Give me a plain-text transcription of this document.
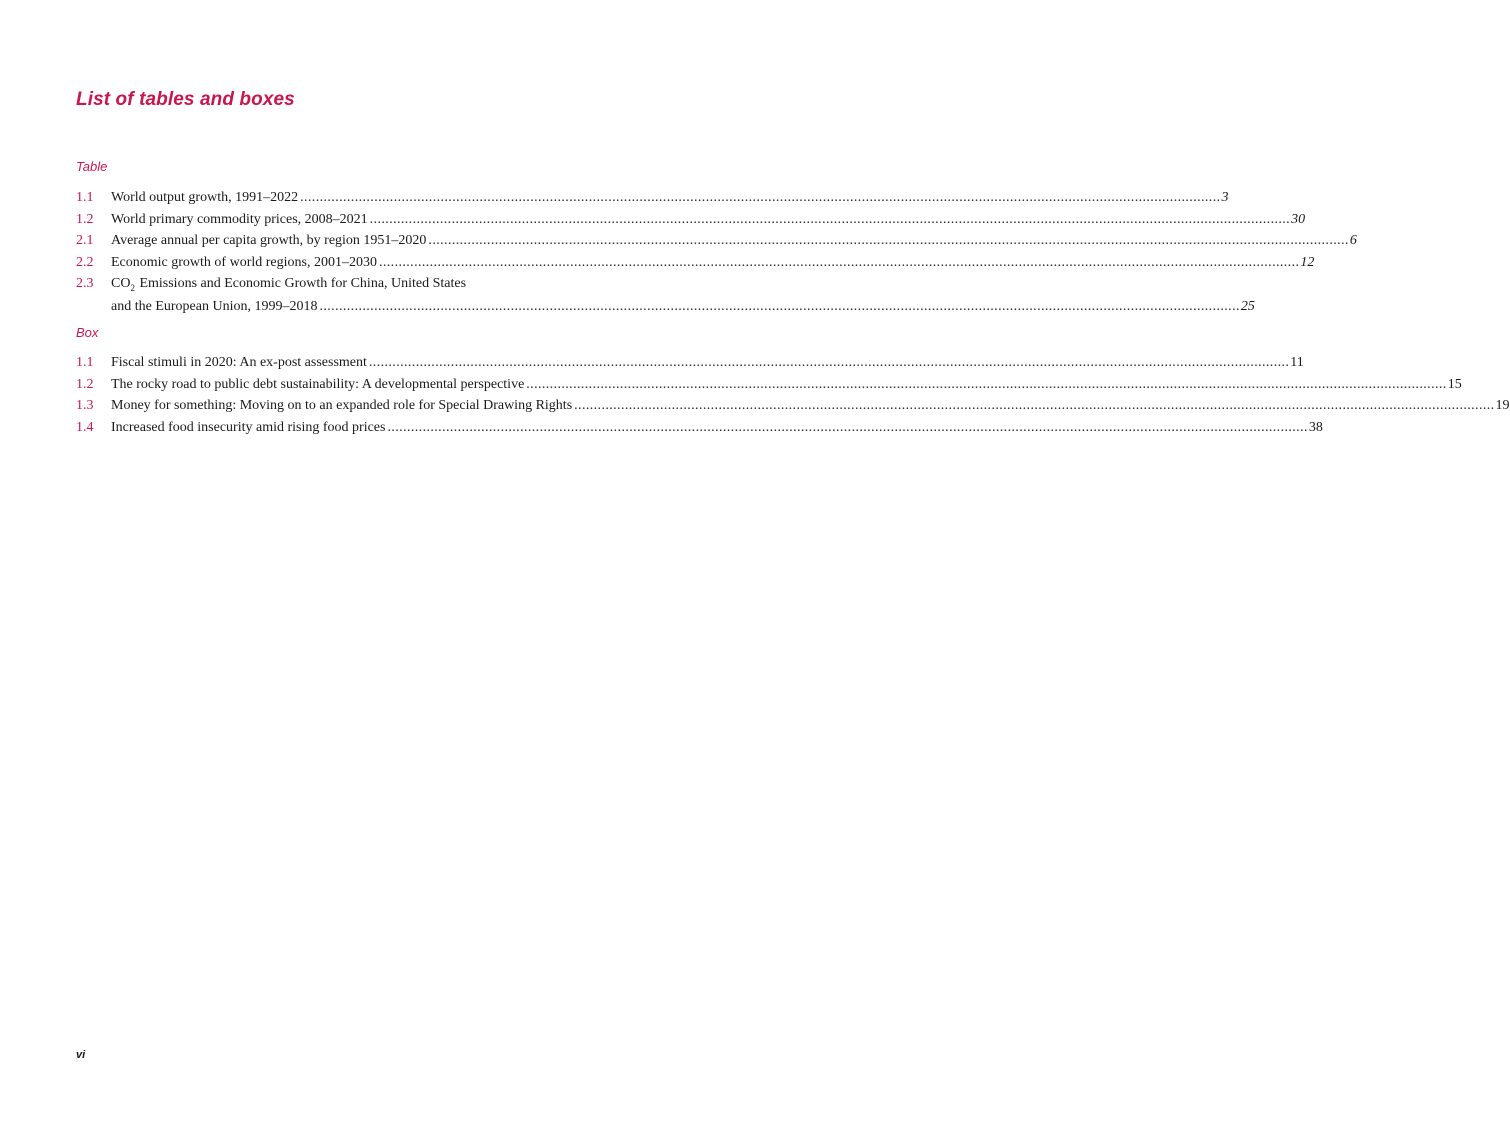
List of tables and boxes
Table
1.1	World output growth, 1991–2022 .....	3
1.2	World primary commodity prices, 2008–2021 .....	30
2.1	Average annual per capita growth, by region 1951–2020 .....	6
2.2	Economic growth of world regions, 2001–2030 .....	12
2.3	$CO_2$ Emissions and Economic Growth for China, United States
and the European Union, 1999–2018 .....	25
Box
1.1	Fiscal stimuli in 2020: An ex-post assessment .....	11
1.2	The rocky road to public debt sustainability: A developmental perspective .....	15
1.3	Money for something: Moving on to an expanded role for Special Drawing Rights .....	19
1.4	Increased food insecurity amid rising food prices .....	38
vi
